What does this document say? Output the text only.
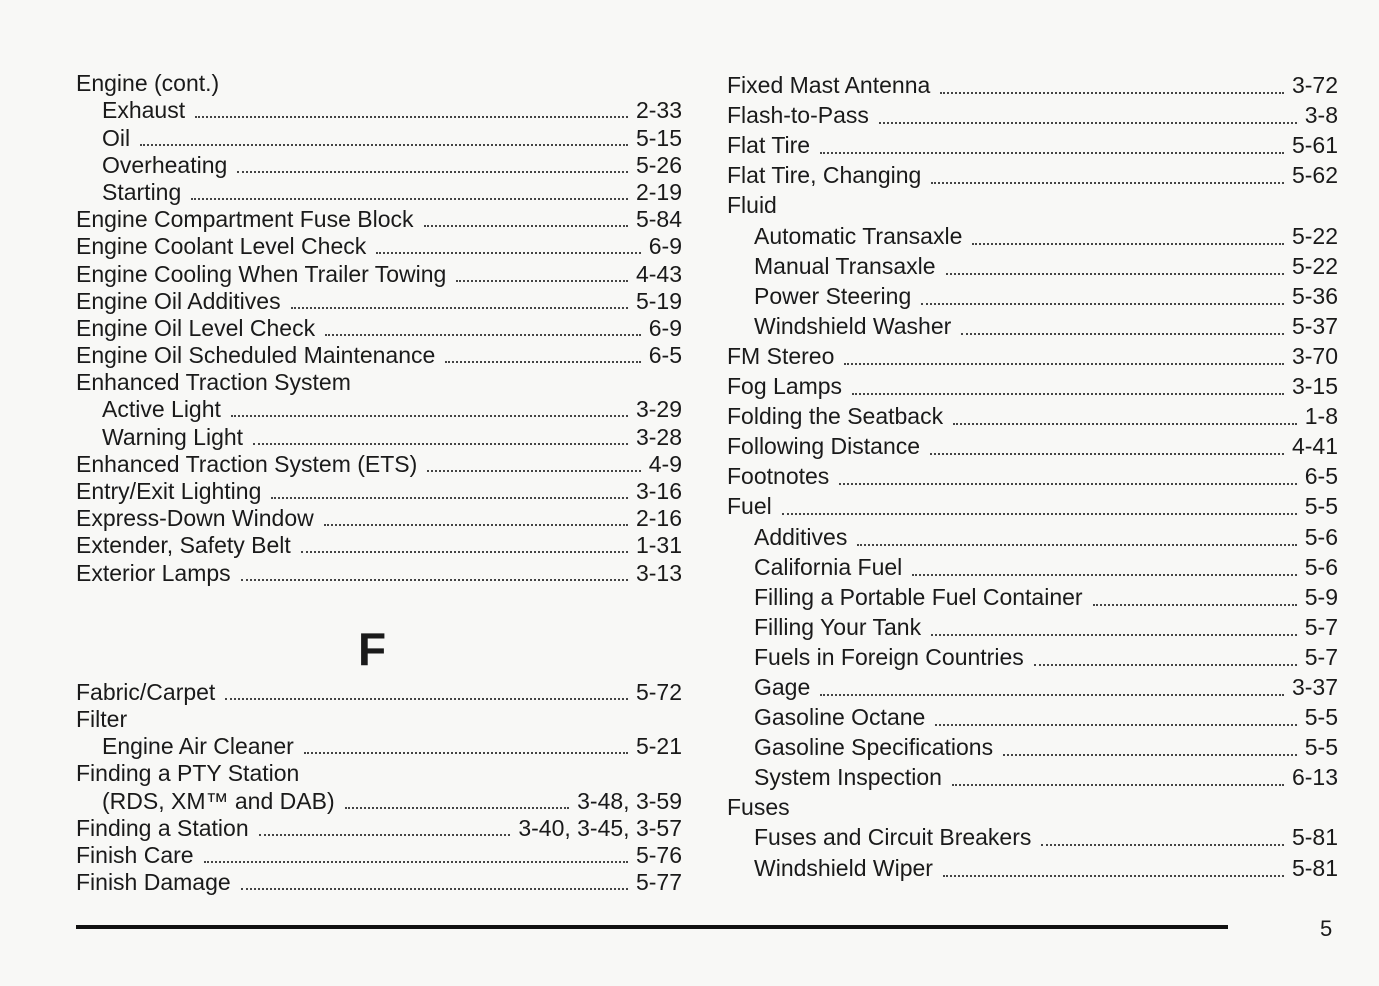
Engine (cont.)
Exhaust	2-33
Oil	5-15
Overheating	5-26
Starting	2-19
Engine Compartment Fuse Block	5-84
Engine Coolant Level Check	6-9
Engine Cooling When Trailer Towing	4-43
Engine Oil Additives	5-19
Engine Oil Level Check	6-9
Engine Oil Scheduled Maintenance	6-5
Enhanced Traction System
Active Light	3-29
Warning Light	3-28
Enhanced Traction System (ETS)	4-9
Entry/Exit Lighting	3-16
Express-Down Window	2-16
Extender, Safety Belt	1-31
Exterior Lamps	3-13
F
Fabric/Carpet	5-72
Filter
Engine Air Cleaner	5-21
Finding a PTY Station
(RDS, XM™ and DAB)	3-48, 3-59
Finding a Station	3-40, 3-45, 3-57
Finish Care	5-76
Finish Damage	5-77
Fixed Mast Antenna	3-72
Flash-to-Pass	3-8
Flat Tire	5-61
Flat Tire, Changing	5-62
Fluid
Automatic Transaxle	5-22
Manual Transaxle	5-22
Power Steering	5-36
Windshield Washer	5-37
FM Stereo	3-70
Fog Lamps	3-15
Folding the Seatback	1-8
Following Distance	4-41
Footnotes	6-5
Fuel	5-5
Additives	5-6
California Fuel	5-6
Filling a Portable Fuel Container	5-9
Filling Your Tank	5-7
Fuels in Foreign Countries	5-7
Gage	3-37
Gasoline Octane	5-5
Gasoline Specifications	5-5
System Inspection	6-13
Fuses
Fuses and Circuit Breakers	5-81
Windshield Wiper	5-81
5
